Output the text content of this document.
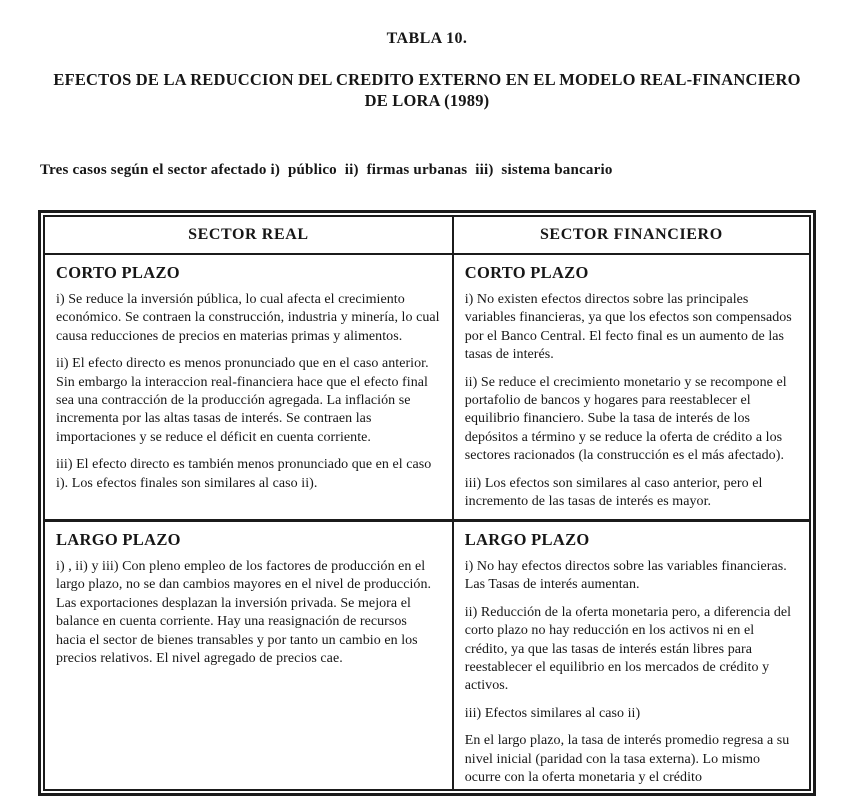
TABLA 10.
EFECTOS DE LA REDUCCION DEL CREDITO EXTERNO EN EL MODELO REAL-FINANCIERO
DE LORA (1989)
Tres casos según el sector afectado i)  público  ii)  firmas urbanas  iii)  sistema bancario
SECTOR REAL	SECTOR FINANCIERO
CORTO PLAZO

i) Se reduce la inversión pública, lo cual afecta el crecimiento económico. Se contraen la construcción, industria y minería, lo cual causa reducciones de precios en materias primas y alimentos.

ii) El efecto directo es menos pronunciado que en el caso anterior. Sin embargo la interaccion real-financiera hace que el efecto final sea una contracción de la producción agregada. La inflación se incrementa por las altas tasas de interés. Se contraen las importaciones y se reduce el déficit en cuenta corriente.

iii) El efecto directo es también menos pronunciado que en el caso i). Los efectos finales son similares al caso ii).

CORTO PLAZO

i) No existen efectos directos sobre las principales variables financieras, ya que los efectos son compensados por el Banco Central. El fecto final es un aumento de las tasas de interés.

ii) Se reduce el crecimiento monetario y se recompone el portafolio de bancos y hogares para reestablecer el equilibrio financiero. Sube la tasa de interés de los depósitos a término y se reduce la oferta de crédito a los sectores racionados (la construcción es el más afectado).

iii) Los efectos son similares al caso anterior, pero el incremento de las tasas de interés es mayor.

LARGO PLAZO

i) , ii) y iii) Con pleno empleo de los factores de producción en el largo plazo, no se dan cambios mayores en el nivel de producción. Las exportaciones desplazan la inversión privada. Se mejora el balance en cuenta corriente. Hay una reasignación de recursos hacia el sector de bienes transables y por tanto un cambio en los precios relativos. El nivel agregado de precios cae.

LARGO PLAZO

i) No hay efectos directos sobre las variables financieras. Las Tasas de interés aumentan.

ii) Reducción de la oferta monetaria pero, a diferencia del corto plazo no hay reducción en los activos ni en el crédito, ya que las tasas de interés están libres para reestablecer el equilibrio en los mercados de crédito y activos.

iii) Efectos similares al caso ii)

En el largo plazo, la tasa de interés promedio regresa a su nivel inicial (paridad con la tasa externa). Lo mismo ocurre con la oferta monetaria y el crédito
